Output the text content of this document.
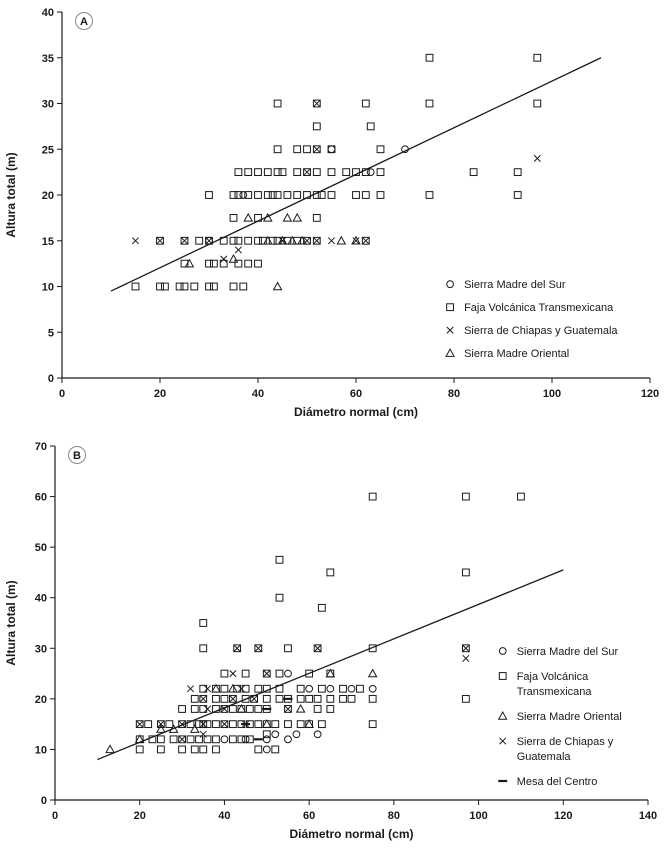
0	20	40	60	80	100	120
0
5
10
15
20
25
30
35
40
Diámetro normal (cm)
Altura total (m)
A
Sierra Madre del Sur
Faja Volcánica Transmexicana
Sierra de Chiapas y Guatemala
Sierra Madre Oriental
0	20	40	60	80	100	120	140
0
10
20
30
40
50
60
70
Diámetro normal (cm)
Altura total (m)
B
Sierra Madre del Sur
Faja Volcánica
Transmexicana
Sierra Madre Oriental
Sierra de Chiapas y
Guatemala
Mesa del Centro
